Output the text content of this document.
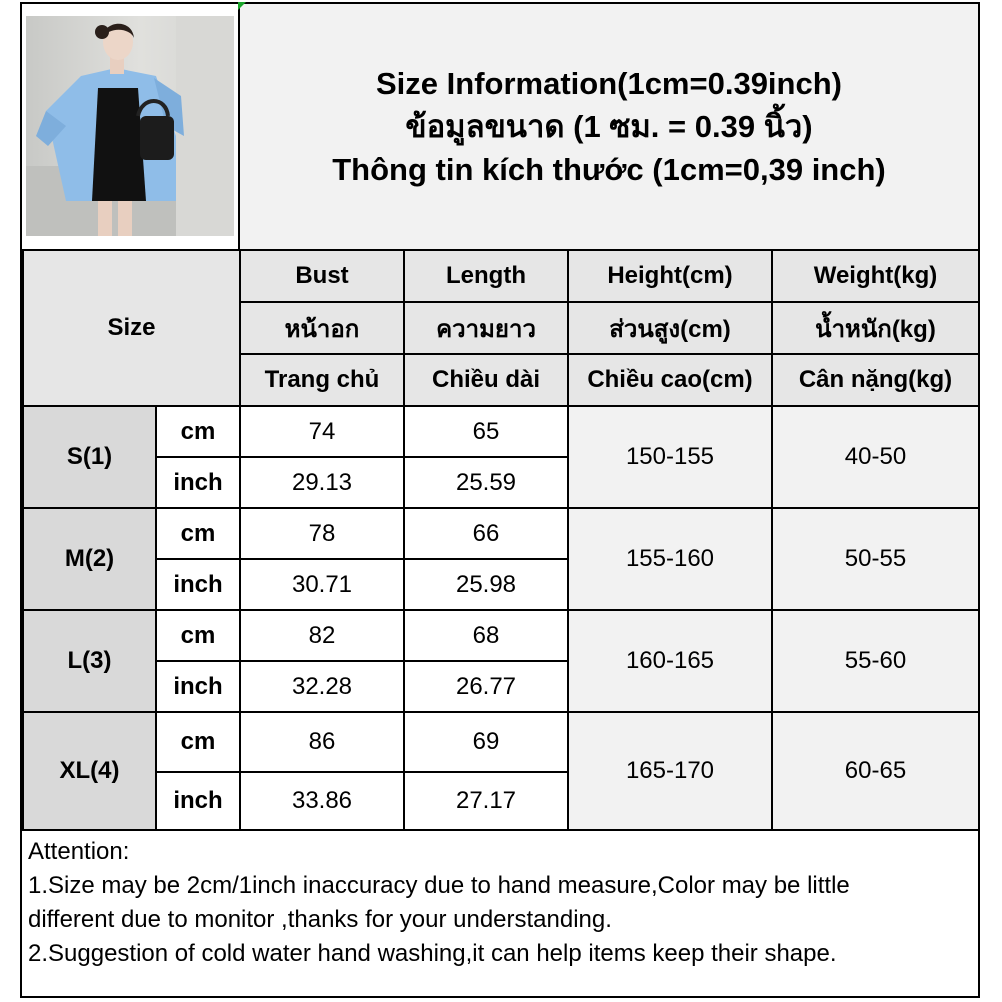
Size Information(1cm=0.39inch)
ข้อมูลขนาด (1 ซม. = 0.39 นิ้ว)
Thông tin kích thước (1cm=0,39 inch)
Size		Bust	Length	Height(cm)	Weight(kg)
		หน้าอก	ความยาว	ส่วนสูง(cm)	น้ำหนัก(kg)
		Trang chủ	Chiều dài	Chiều cao(cm)	Cân nặng(kg)
S(1)	cm	74	65	150-155	40-50
	inch	29.13	25.59		
M(2)	cm	78	66	155-160	50-55
	inch	30.71	25.98		
L(3)	cm	82	68	160-165	55-60
	inch	32.28	26.77		
XL(4)	cm	86	69	165-170	60-65
	inch	33.86	27.17		
Attention:
1.Size may be 2cm/1inch inaccuracy due to hand measure,Color may be little
different due to monitor ,thanks for your understanding.
2.Suggestion of cold water hand washing,it can help items keep their shape.
